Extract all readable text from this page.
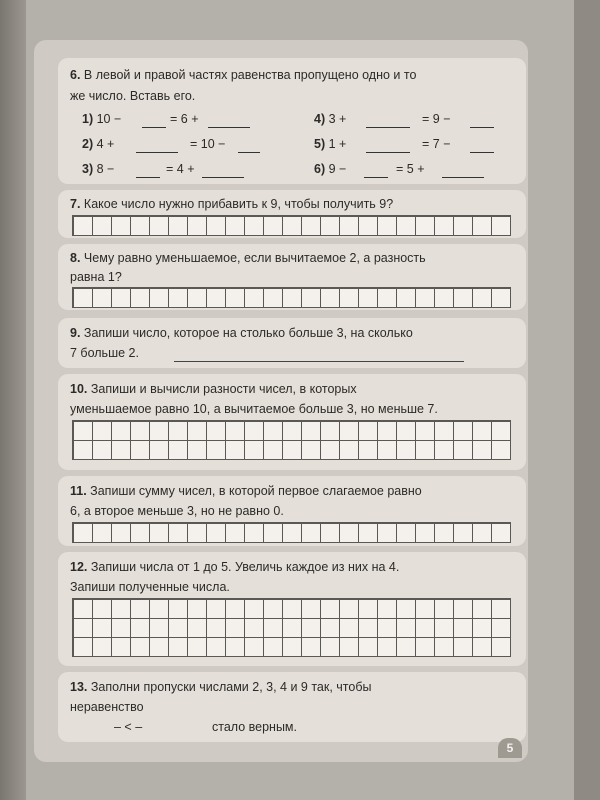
6. В левой и правой частях равенства пропущено одно и то
же число. Вставь его.
1) 10 −	= 6 +
2) 4 +	= 10 −
3) 8 −	= 4 +
4) 3 +	= 9 −
5) 1 +	= 7 −
6) 9 −	= 5 +
7. Какое число нужно прибавить к 9, чтобы получить 9?
8. Чему равно уменьшаемое, если вычитаемое 2, а разность
равна 1?
9. Запиши число, которое на столько больше 3, на сколько
7 больше 2.
10. Запиши и вычисли разности чисел, в которых
уменьшаемое равно 10, а вычитаемое больше 3, но меньше 7.
11. Запиши сумму чисел, в которой первое слагаемое равно
6, а второе меньше 3, но не равно 0.
12. Запиши числа от 1 до 5. Увеличь каждое из них на 4.
Запиши полученные числа.
13. Заполни пропуски числами 2, 3, 4 и 9 так, чтобы
неравенство
– < –	стало верным.
5
